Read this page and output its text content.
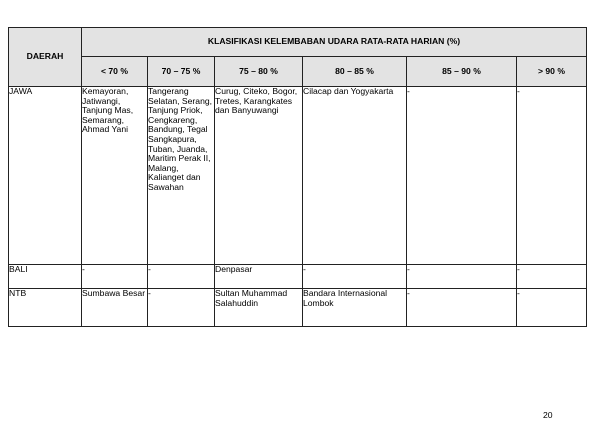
DAERAH	KLASIFIKASI KELEMBABAN UDARA RATA-RATA HARIAN (%)					
	< 70 %	70 – 75 %	75 – 80 %	80 – 85 %	85 – 90 %	> 90 %
JAWA	Kemayoran, Jatiwangi, Tanjung Mas, Semarang, Ahmad Yani	Tangerang Selatan, Serang, Tanjung Priok, Cengkareng, Bandung, Tegal Sangkapura, Tuban, Juanda, Maritim Perak II, Malang, Kalianget dan Sawahan	Curug, Citeko, Bogor, Tretes, Karangkates dan Banyuwangi	Cilacap dan Yogyakarta	-	-
BALI	-	-	Denpasar	-	-	-
NTB	Sumbawa Besar	-	Sultan Muhammad Salahuddin	Bandara Internasional Lombok	-	-
20
